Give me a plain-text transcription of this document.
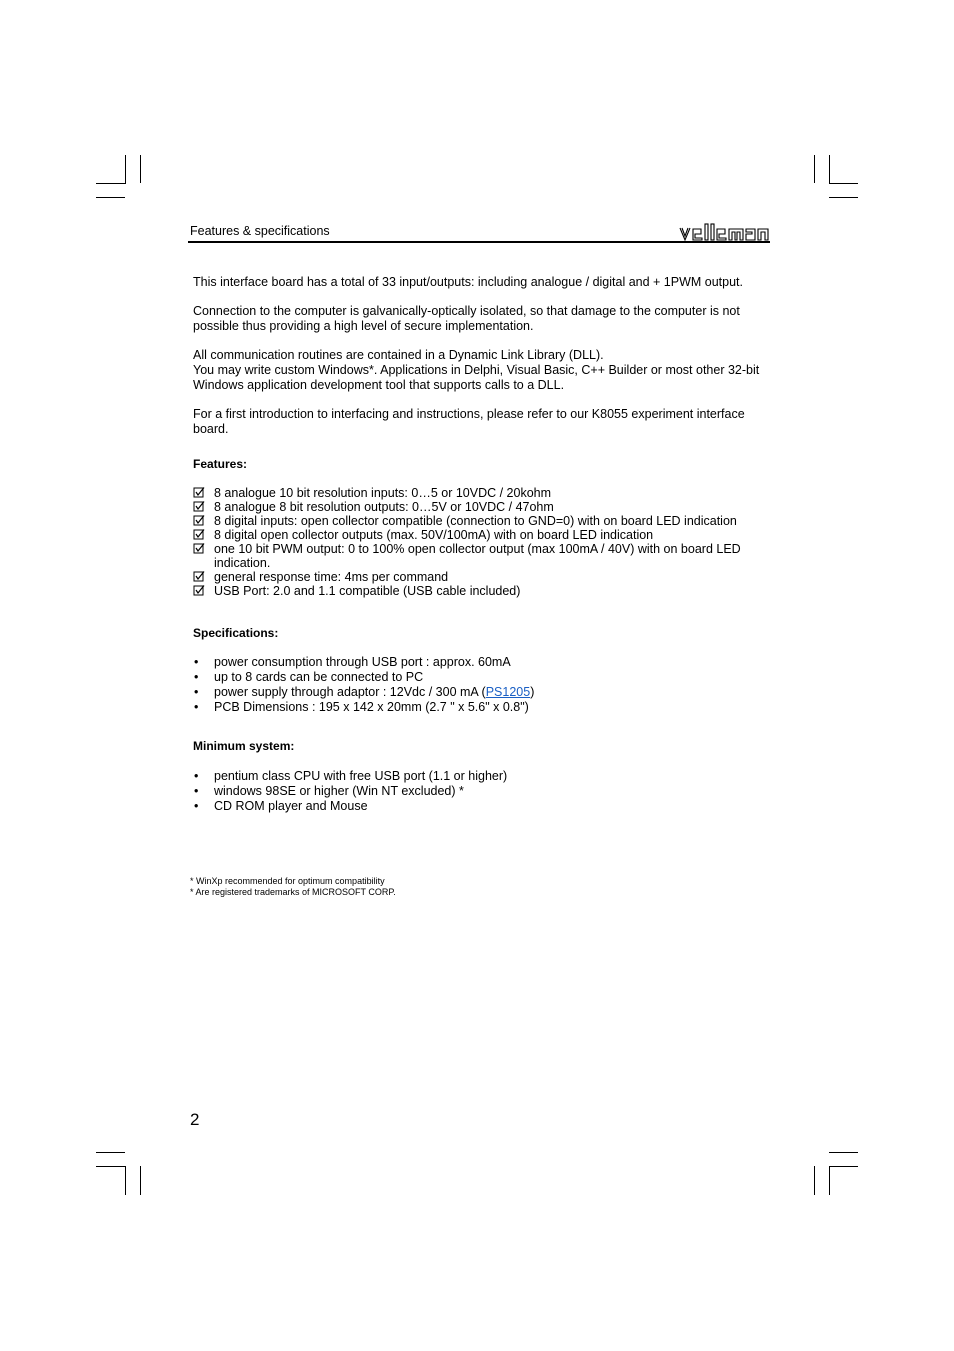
Features & specifications
velleman

This interface board has a total of 33 input/outputs: including analogue / digital and + 1PWM output.

Connection to the computer is galvanically-optically isolated, so that damage to the computer is not possible thus providing a high level of secure implementation.

All communication routines are contained in a Dynamic Link Library (DLL).

You may write custom Windows*. Applications in Delphi, Visual Basic, C++ Builder or most other 32-bit Windows application development tool that supports calls to a DLL.

For a first introduction to interfacing and instructions, please refer to our K8055 experiment interface board.

Features:
8 analogue 10 bit resolution inputs: 0…5 or 10VDC / 20kohm
8 analogue 8 bit resolution outputs: 0…5V or 10VDC / 47ohm
8 digital inputs: open collector compatible (connection to GND=0) with on board LED indication
8 digital open collector outputs (max. 50V/100mA) with on board LED indication
one 10 bit PWM output: 0 to 100% open collector output (max 100mA / 40V) with on board LED indication.
general response time: 4ms per command
USB Port: 2.0 and 1.1 compatible (USB cable included)
Specifications:
• power consumption through USB port : approx. 60mA
• up to 8 cards can be connected to PC
• power supply through adaptor : 12Vdc / 300 mA (PS1205)
• PCB Dimensions : 195 x 142 x 20mm (2.7 " x 5.6" x 0.8")
Minimum system:
• pentium class CPU with free USB port (1.1 or higher)
• windows 98SE or higher (Win NT excluded) *
• CD ROM player and Mouse
* WinXp recommended for optimum compatibility
* Are registered trademarks of MICROSOFT CORP.
2
